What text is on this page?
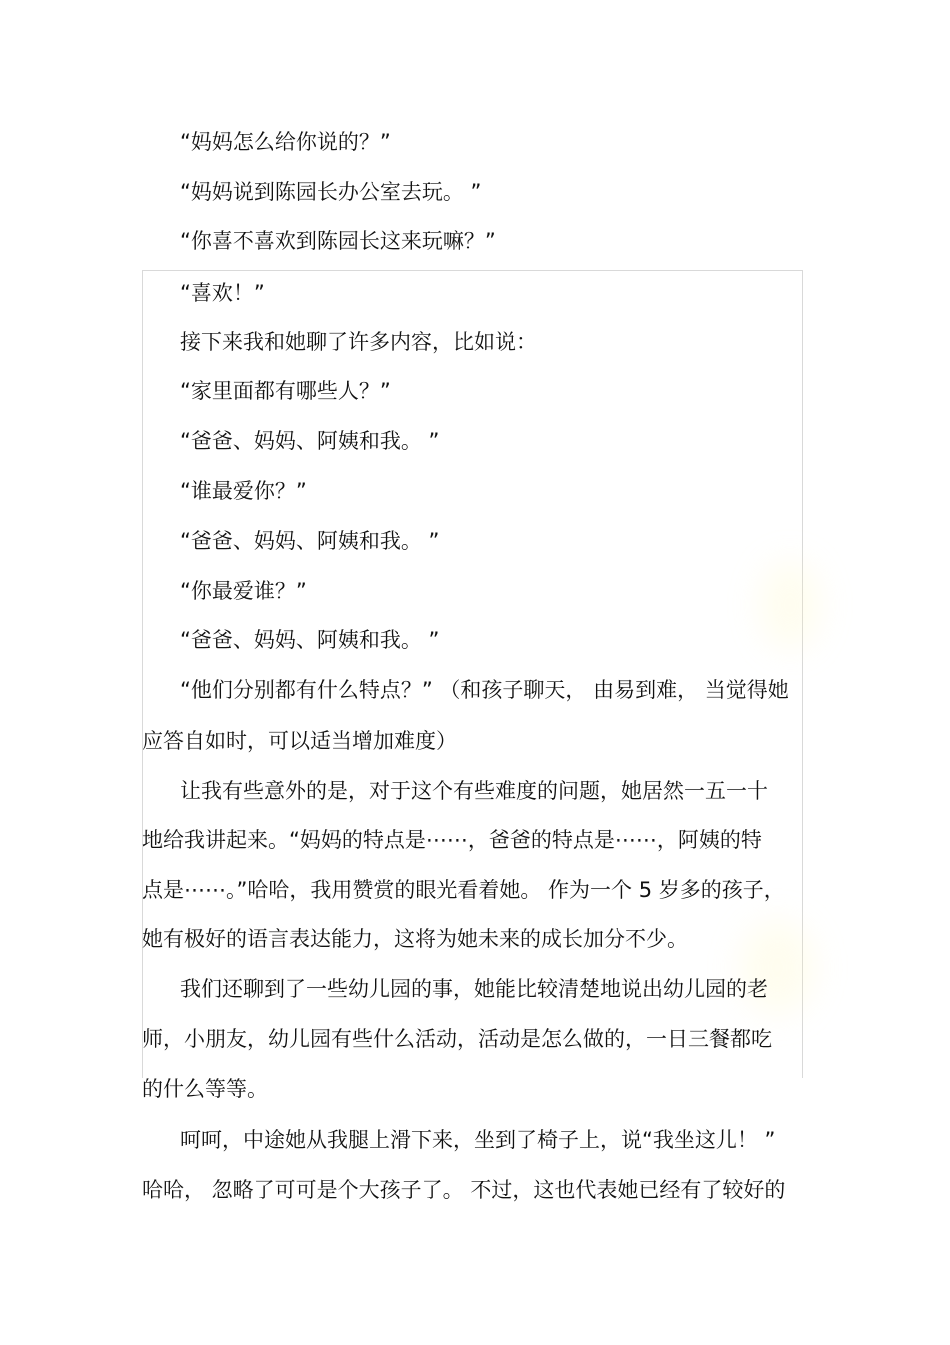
“妈妈怎么给你说的？”
“妈妈说到陈园长办公室去玩。 ”
“你喜不喜欢到陈园长这来玩嘛？”
“喜欢！”
接下来我和她聊了许多内容，比如说：
“家里面都有哪些人？”
“爸爸、妈妈、阿姨和我。 ”
“谁最爱你？”
“爸爸、妈妈、阿姨和我。 ”
“你最爱谁？”
“爸爸、妈妈、阿姨和我。 ”
“他们分别都有什么特点？” （和孩子聊天， 由易到难， 当觉得她
应答自如时，可以适当增加难度）
让我有些意外的是，对于这个有些难度的问题，她居然一五一十
地给我讲起来。“妈妈的特点是⋯⋯，爸爸的特点是⋯⋯，阿姨的特
点是⋯⋯。”哈哈，我用赞赏的眼光看着她。 作为一个 5 岁多的孩子，
她有极好的语言表达能力，这将为她未来的成长加分不少。
我们还聊到了一些幼儿园的事，她能比较清楚地说出幼儿园的老
师，小朋友，幼儿园有些什么活动，活动是怎么做的，一日三餐都吃
的什么等等。
呵呵，中途她从我腿上滑下来，坐到了椅子上，说“我坐这儿！ ”
哈哈， 忽略了可可是个大孩子了。 不过，这也代表她已经有了较好的
